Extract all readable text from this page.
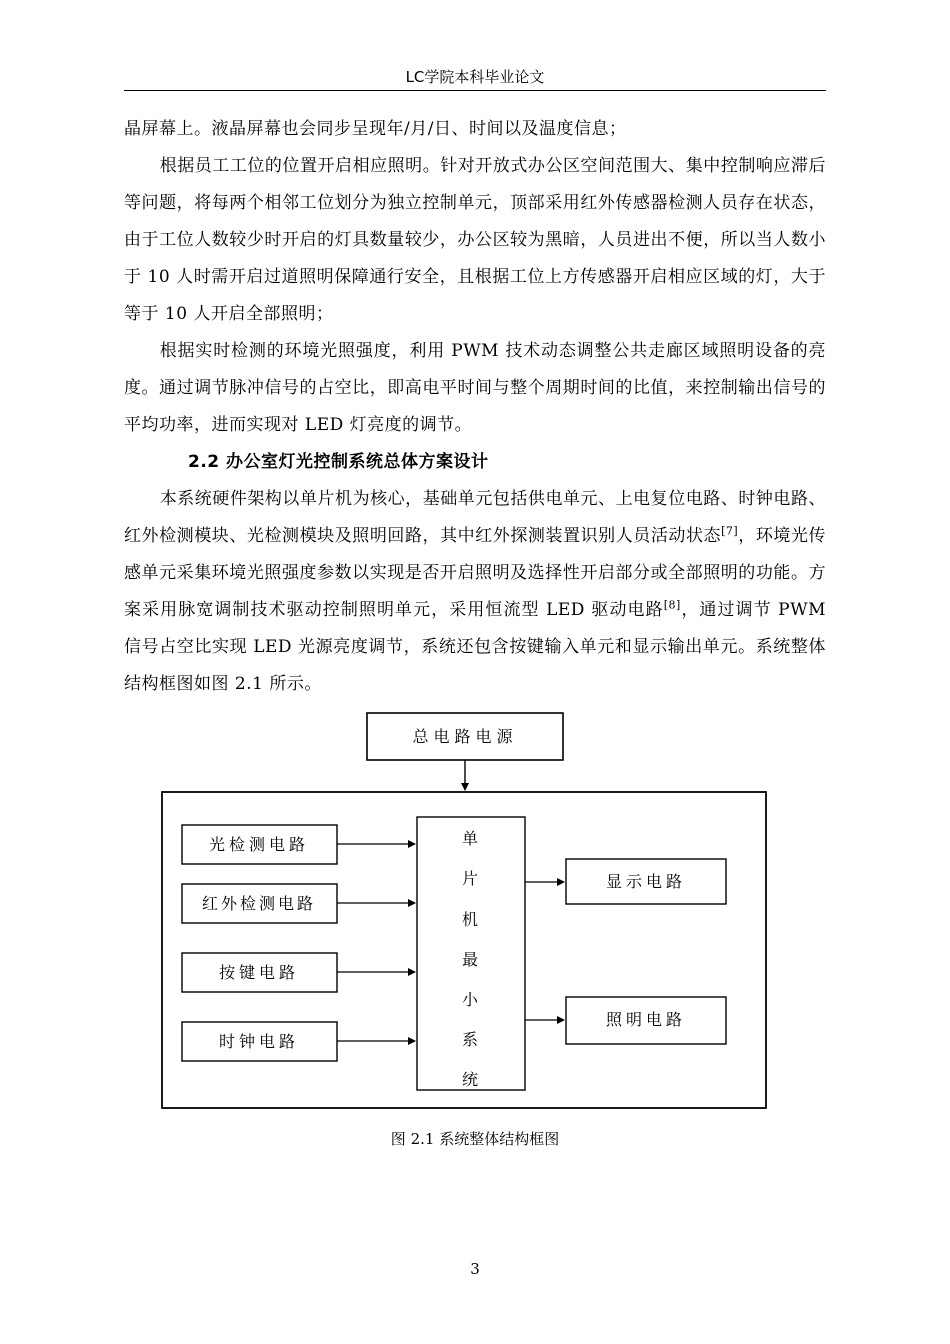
LC学院本科毕业论文

晶屏幕上。液晶屏幕也会同步呈现年/月/日、时间以及温度信息；

根据员工工位的位置开启相应照明。针对开放式办公区空间范围大、集中控制响应滞后等问题，将每两个相邻工位划分为独立控制单元，顶部采用红外传感器检测人员存在状态，由于工位人数较少时开启的灯具数量较少，办公区较为黑暗，人员进出不便，所以当人数小于 10 人时需开启过道照明保障通行安全，且根据工位上方传感器开启相应区域的灯，大于等于 10 人开启全部照明；

根据实时检测的环境光照强度，利用 PWM 技术动态调整公共走廊区域照明设备的亮度。通过调节脉冲信号的占空比，即高电平时间与整个周期时间的比值，来控制输出信号的平均功率，进而实现对 LED 灯亮度的调节。

2.2 办公室灯光控制系统总体方案设计

本系统硬件架构以单片机为核心，基础单元包括供电单元、上电复位电路、时钟电路、红外检测模块、光检测模块及照明回路，其中红外探测装置识别人员活动状态[7]，环境光传感单元采集环境光照强度参数以实现是否开启照明及选择性开启部分或全部照明的功能。方案采用脉宽调制技术驱动控制照明单元，采用恒流型 LED 驱动电路[8]，通过调节 PWM 信号占空比实现 LED 光源亮度调节，系统还包含按键输入单元和显示输出单元。系统整体结构框图如图 2.1 所示。

总电路电源
单
片
机
最
小
系
统
光检测电路
红外检测电路
按键电路
时钟电路
显示电路
照明电路
图 2.1 系统整体结构框图
3
